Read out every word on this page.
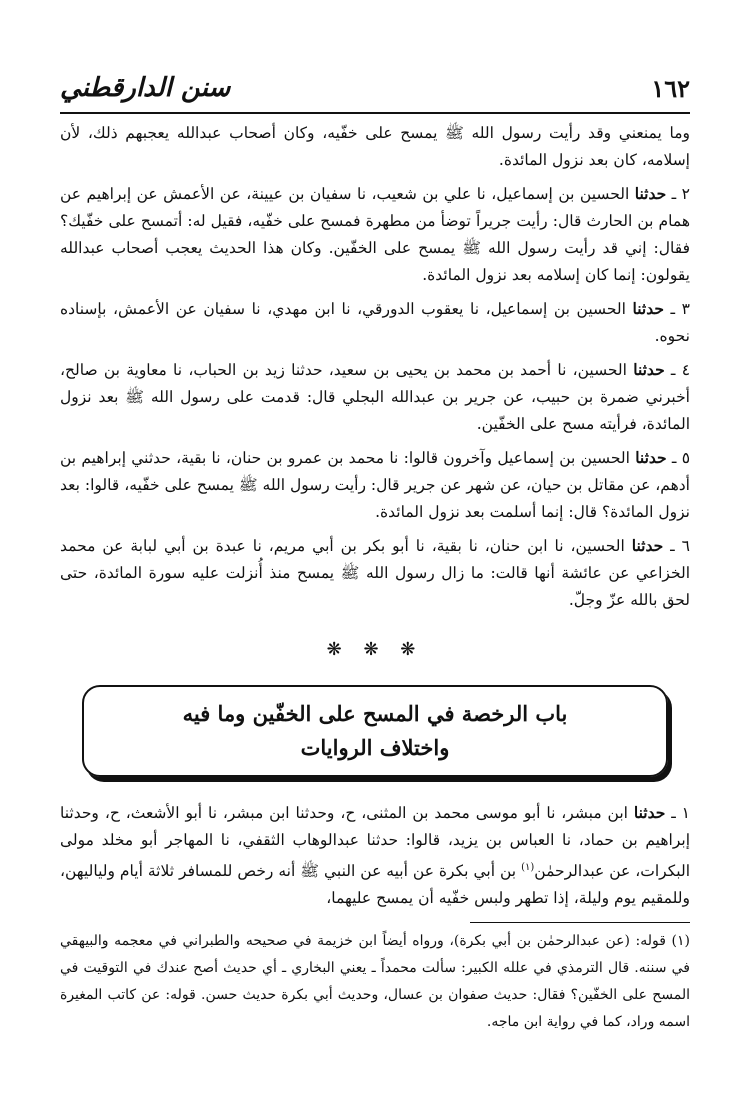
سنن الدارقطني	١٦٢

وما يمنعني وقد رأيت رسول الله ﷺ يمسح على خفّيه، وكان أصحاب عبدالله يعجبهم ذلك، لأن إسلامه، كان بعد نزول المائدة.

٢ ـ حدثنا الحسين بن إسماعيل، نا علي بن شعيب، نا سفيان بن عيينة، عن الأعمش عن إبراهيم عن همام بن الحارث قال: رأيت جريراً توضأ من مطهرة فمسح على خفّيه، فقيل له: أتمسح على خفّيك؟ فقال: إني قد رأيت رسول الله ﷺ يمسح على الخفّين. وكان هذا الحديث يعجب أصحاب عبدالله يقولون: إنما كان إسلامه بعد نزول المائدة.

٣ ـ حدثنا الحسين بن إسماعيل، نا يعقوب الدورقي، نا ابن مهدي، نا سفيان عن الأعمش، بإسناده نحوه.

٤ ـ حدثنا الحسين، نا أحمد بن محمد بن يحيى بن سعيد، حدثنا زيد بن الحباب، نا معاوية بن صالح، أخبرني ضمرة بن حبيب، عن جرير بن عبدالله البجلي قال: قدمت على رسول الله ﷺ بعد نزول المائدة، فرأيته مسح على الخفّين.

٥ ـ حدثنا الحسين بن إسماعيل وآخرون قالوا: نا محمد بن عمرو بن حنان، نا بقية، حدثني إبراهيم بن أدهم، عن مقاتل بن حيان، عن شهر عن جرير قال: رأيت رسول الله ﷺ يمسح على خفّيه، قالوا: بعد نزول المائدة؟ قال: إنما أسلمت بعد نزول المائدة.

٦ ـ حدثنا الحسين، نا ابن حنان، نا بقية، نا أبو بكر بن أبي مريم، نا عبدة بن أبي لبابة عن محمد الخزاعي عن عائشة أنها قالت: ما زال رسول الله ﷺ يمسح منذ أُنزلت عليه سورة المائدة، حتى لحق بالله عزّ وجلّ.

❋ ❋ ❋
باب الرخصة في المسح على الخفّين وما فيه
واختلاف الروايات

١ ـ حدثنا ابن مبشر، نا أبو موسى محمد بن المثنى، ح، وحدثنا ابن مبشر، نا أبو الأشعث، ح، وحدثنا إبراهيم بن حماد، نا العباس بن يزيد، قالوا: حدثنا عبدالوهاب الثقفي، نا المهاجر أبو مخلد مولى البكرات، عن عبدالرحمٰن$^{(١)}$ بن أبي بكرة عن أبيه عن النبي ﷺ أنه رخص للمسافر ثلاثة أيام ولياليهن، وللمقيم يوم وليلة، إذا تطهر ولبس خفّيه أن يمسح عليهما،

(١) قوله: (عن عبدالرحمٰن بن أبي بكرة)، ورواه أيضاً ابن خزيمة في صحيحه والطبراني في معجمه والبيهقي في سننه. قال الترمذي في علله الكبير: سألت محمداً ـ يعني البخاري ـ أي حديث أصح عندك في التوقيت في المسح على الخفّين؟ فقال: حديث صفوان بن عسال، وحديث أبي بكرة حديث حسن. قوله: عن كاتب المغيرة اسمه وراد، كما في رواية ابن ماجه.
